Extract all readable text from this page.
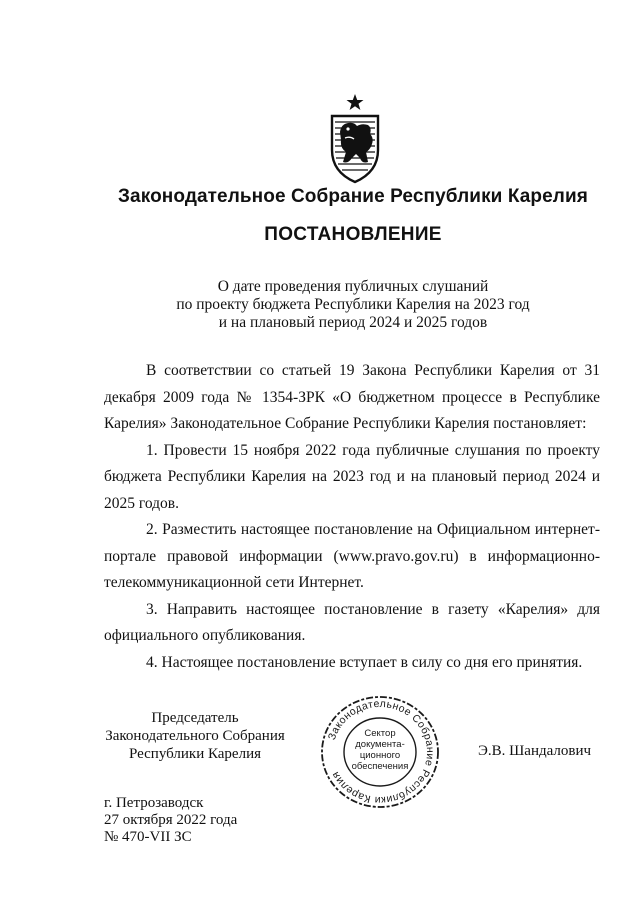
Законодательное Собрание Республики Карелия
ПОСТАНОВЛЕНИЕ
О дате проведения публичных слушаний
по проекту бюджета Республики Карелия на 2023 год
и на плановый период 2024 и 2025 годов

В соответствии со статьей 19 Закона Республики Карелия от 31 декабря 2009 года № 1354-ЗРК «О бюджетном процессе в Республике Карелия» Законодательное Собрание Республики Карелия постановляет:

1. Провести 15 ноября 2022 года публичные слушания по проекту бюджета Республики Карелия на 2023 год и на плановый период 2024 и 2025 годов.

2. Разместить настоящее постановление на Официальном интернет-портале правовой информации (www.pravo.gov.ru) в информационно-телекоммуникационной сети Интернет.

3. Направить настоящее постановление в газету «Карелия» для официального опубликования.

4. Настоящее постановление вступает в силу со дня его принятия.

Председатель
Законодательного Собрания
Республики Карелия
Законодательное Собрание Республики Карелия
Сектор
документа-
ционного
обеспечения
Э.В. Шандалович
г. Петрозаводск
27 октября 2022 года
№ 470-VII ЗС
